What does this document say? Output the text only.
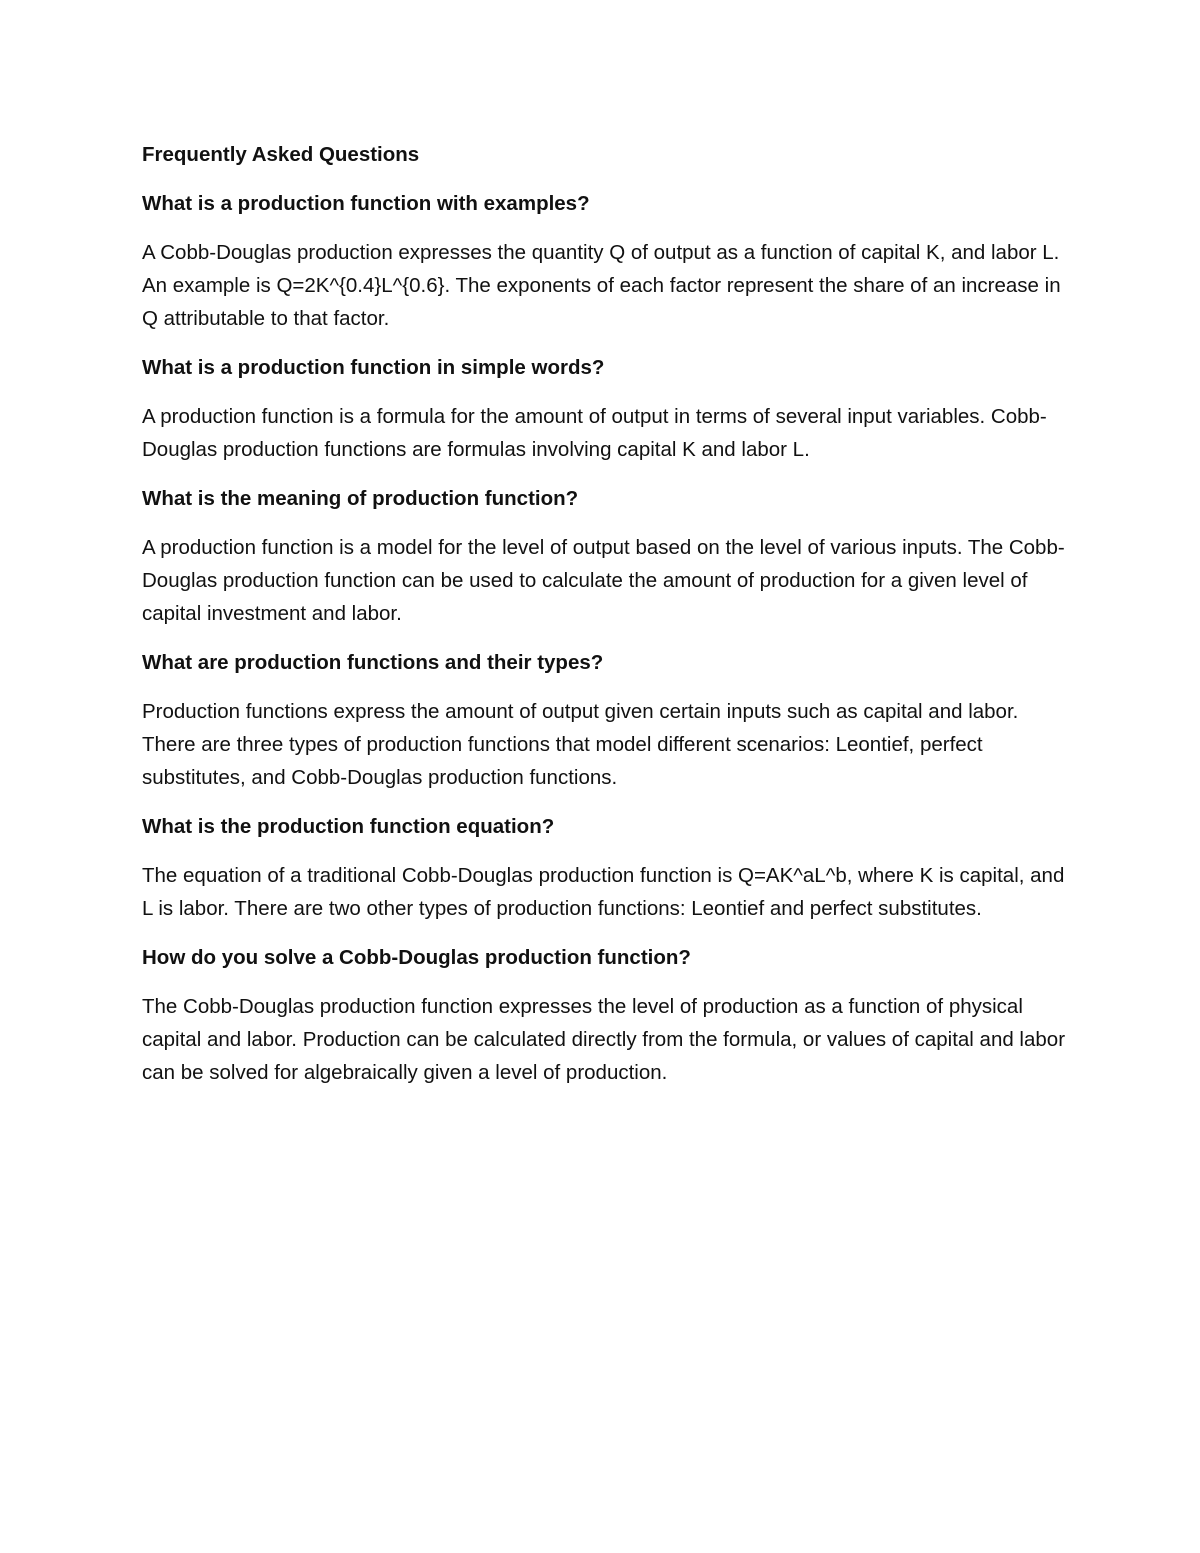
Frequently Asked Questions

What is a production function with examples?

A Cobb-Douglas production expresses the quantity Q of output as a function of capital K, and labor L. An example is Q=2K^{0.4}L^{0.6}. The exponents of each factor represent the share of an increase in Q attributable to that factor.

What is a production function in simple words?

A production function is a formula for the amount of output in terms of several input variables. Cobb-Douglas production functions are formulas involving capital K and labor L.

What is the meaning of production function?

A production function is a model for the level of output based on the level of various inputs. The Cobb-Douglas production function can be used to calculate the amount of production for a given level of capital investment and labor.

What are production functions and their types?

Production functions express the amount of output given certain inputs such as capital and labor. There are three types of production functions that model different scenarios: Leontief, perfect substitutes, and Cobb-Douglas production functions.

What is the production function equation?

The equation of a traditional Cobb-Douglas production function is Q=AK^aL^b, where K is capital, and L is labor. There are two other types of production functions: Leontief and perfect substitutes.

How do you solve a Cobb-Douglas production function?

The Cobb-Douglas production function expresses the level of production as a function of physical capital and labor. Production can be calculated directly from the formula, or values of capital and labor can be solved for algebraically given a level of production.
